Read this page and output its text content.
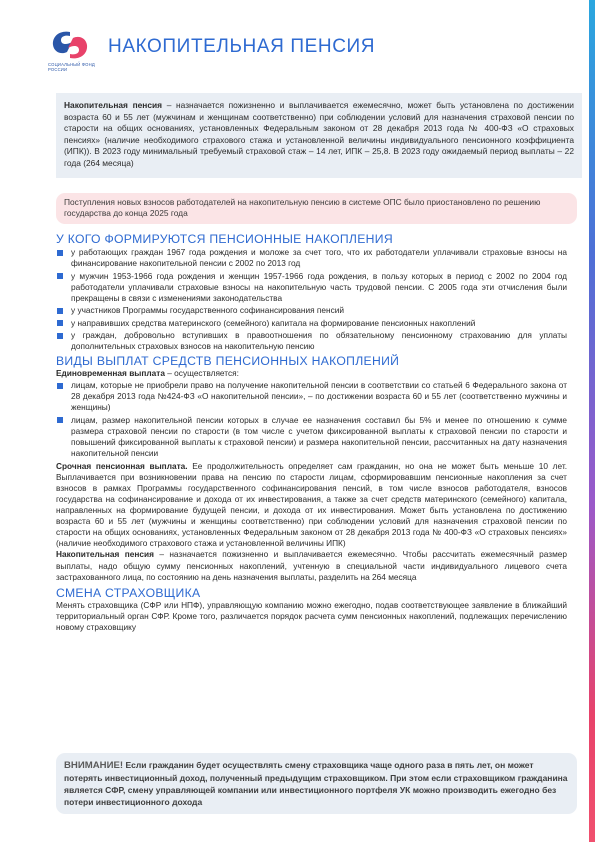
СОЦИАЛЬНЫЙ ФОНД РОССИИ
НАКОПИТЕЛЬНАЯ ПЕНСИЯ
Накопительная пенсия – назначается пожизненно и выплачивается ежемесячно, может быть установлена по достижении возраста 60 и 55 лет (мужчинам и женщинам соответственно) при соблюдении условий для назначения страховой пенсии по старости на общих основаниях, установленных Федеральным законом от 28 декабря 2013 года № 400-ФЗ «О страховых пенсиях» (наличие необходимого страхового стажа и установленной величины индивидуального пенсионного коэффициента (ИПК)). В 2023 году минимальный требуемый страховой стаж – 14 лет, ИПК – 25,8. В 2023 году ожидаемый период выплаты – 22 года (264 месяца)
Поступления новых взносов работодателей на накопительную пенсию в системе ОПС было приостановлено по решению государства до конца 2025 года
У КОГО ФОРМИРУЮТСЯ ПЕНСИОННЫЕ НАКОПЛЕНИЯ
у работающих граждан 1967 года рождения и моложе за счет того, что их работодатели уплачивали страховые взносы на финансирование накопительной пенсии с 2002 по 2013 год
у мужчин 1953-1966 года рождения и женщин 1957-1966 года рождения, в пользу которых в период с 2002 по 2004 год работодатели уплачивали страховые взносы на накопительную часть трудовой пенсии. С 2005 года эти отчисления были прекращены в связи с изменениями законодательства
у участников Программы государственного софинансирования пенсий
у направивших средства материнского (семейного) капитала на формирование пенсионных накоплений
у граждан, добровольно вступивших в правоотношения по обязательному пенсионному страхованию для уплаты дополнительных страховых взносов на накопительную пенсию
ВИДЫ ВЫПЛАТ СРЕДСТВ ПЕНСИОННЫХ НАКОПЛЕНИЙ

Единовременная выплата – осуществляется:

лицам, которые не приобрели право на получение накопительной пенсии в соответствии со статьей 6 Федерального закона от 28 декабря 2013 года №424-ФЗ «О накопительной пенсии», – по достижении возраста 60 и 55 лет (соответственно мужчины и женщины)
лицам, размер накопительной пенсии которых в случае ее назначения составил бы 5% и менее по отношению к сумме размера страховой пенсии по старости (в том числе с учетом фиксированной выплаты к страховой пенсии по старости и повышений фиксированной выплаты к страховой пенсии) и размера накопительной пенсии, рассчитанных на дату назначения накопительной пенсии

Срочная пенсионная выплата. Ее продолжительность определяет сам гражданин, но она не может быть меньше 10 лет. Выплачивается при возникновении права на пенсию по старости лицам, сформировавшим пенсионные накопления за счет взносов в рамках Программы государственного софинансирования пенсий, в том числе взносов работодателя, взносов государства на софинансирование и дохода от их инвестирования, а также за счет средств материнского (семейного) капитала, направленных на формирование будущей пенсии, и дохода от их инвестирования. Может быть установлена по достижению возраста 60 и 55 лет (мужчины и женщины соответственно) при соблюдении условий для назначения страховой пенсии по старости на общих основаниях, установленных Федеральным законом от 28 декабря 2013 года № 400-ФЗ «О страховых пенсиях» (наличие необходимого страхового стажа и установленной величины ИПК)

Накопительная пенсия – назначается пожизненно и выплачивается ежемесячно. Чтобы рассчитать ежемесячный размер выплаты, надо общую сумму пенсионных накоплений, учтенную в специальной части индивидуального лицевого счета застрахованного лица, по состоянию на день назначения выплаты, разделить на 264 месяца

СМЕНА СТРАХОВЩИКА

Менять страховщика (СФР или НПФ), управляющую компанию можно ежегодно, подав соответствующее заявление в ближайший территориальный орган СФР. Кроме того, различается порядок расчета сумм пенсионных накоплений, подлежащих перечислению новому страховщику

ВНИМАНИЕ! Если гражданин будет осуществлять смену страховщика чаще одного раза в пять лет, он может потерять инвестиционный доход, полученный предыдущим страховщиком. При этом если страховщиком гражданина является СФР, смену управляющей компании или инвестиционного портфеля УК можно производить ежегодно без потери инвестиционного дохода
